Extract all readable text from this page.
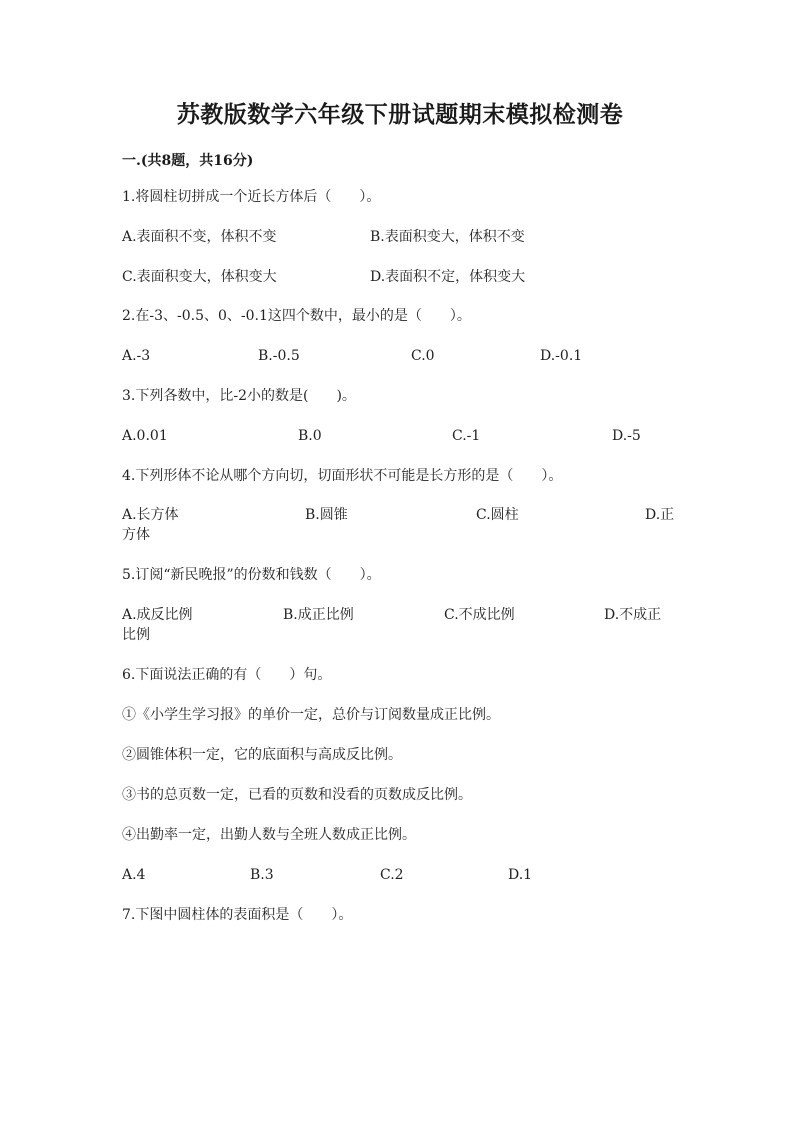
苏教版数学六年级下册试题期末模拟检测卷
一.(共8题，共16分)
1.将圆柱切拼成一个近长方体后（　　）。
A.表面积不变，体积不变	B.表面积变大，体积不变
C.表面积变大，体积变大	D.表面积不定，体积变大
2.在-3、-0.5、0、-0.1这四个数中，最小的是（　　）。
A.-3	B.-0.5	C.0	D.-0.1
3.下列各数中，比-2小的数是(　　)。
A.0.01	B.0	C.-1	D.-5
4.下列形体不论从哪个方向切，切面形状不可能是长方形的是（　　）。
A.长方体	B.圆锥	C.圆柱	D.正
方体
5.订阅“新民晚报”的份数和钱数（　　）。
A.成反比例	B.成正比例	C.不成比例	D.不成正
比例
6.下面说法正确的有（　　）句。
①《小学生学习报》的单价一定，总价与订阅数量成正比例。
②圆锥体积一定，它的底面积与高成反比例。
③书的总页数一定，已看的页数和没看的页数成反比例。
④出勤率一定，出勤人数与全班人数成正比例。
A.4	B.3	C.2	D.1
7.下图中圆柱体的表面积是（　　）。
